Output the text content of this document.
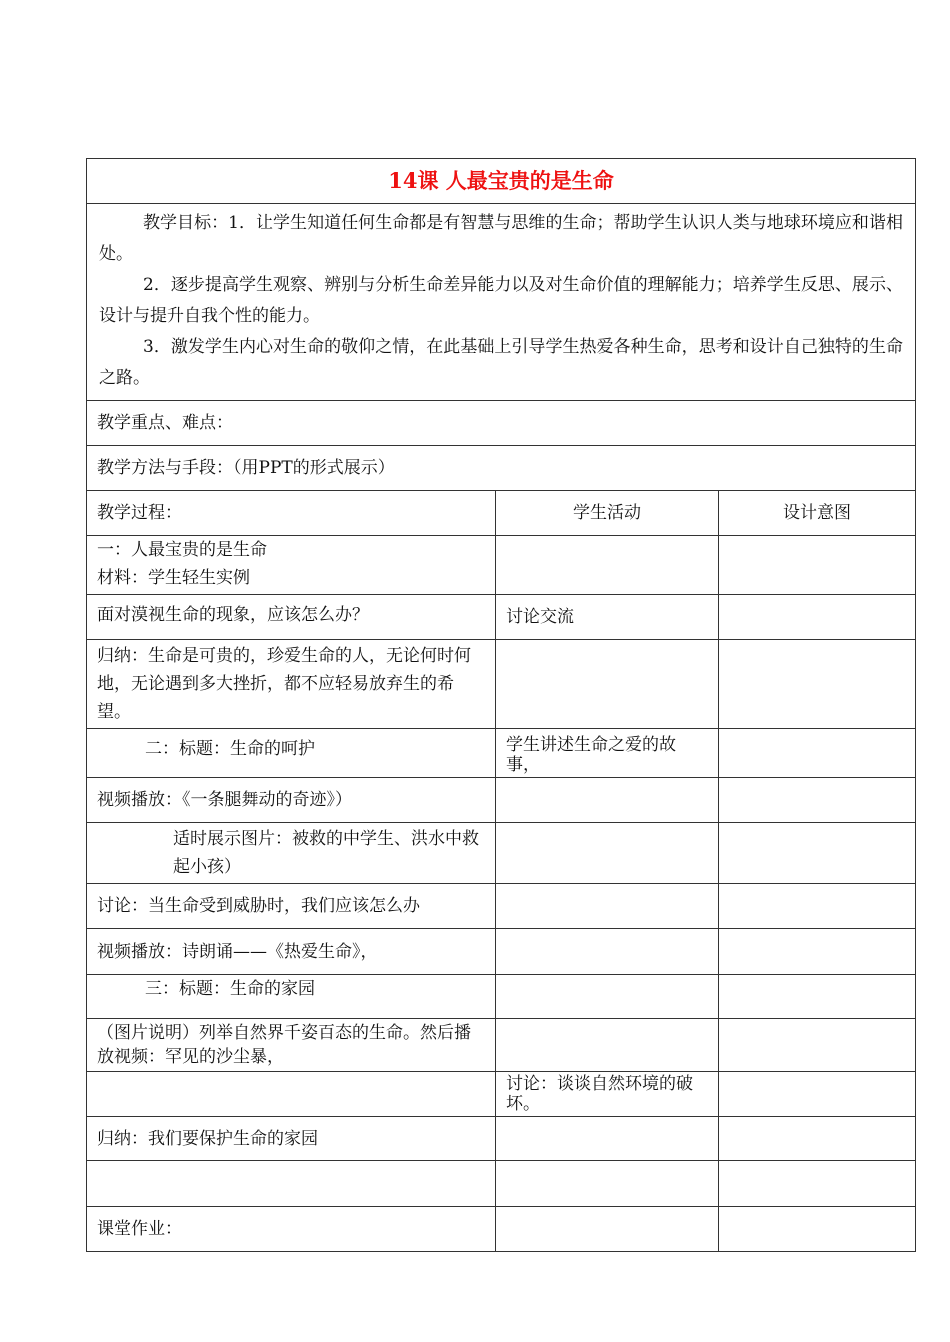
14课 人最宝贵的是生命		

教学目标：1．让学生知道任何生命都是有智慧与思维的生命；帮助学生认识人类与地球环境应和谐相处。

2．逐步提高学生观察、辨别与分析生命差异能力以及对生命价值的理解能力；培养学生反思、展示、设计与提升自我个性的能力。

3．激发学生内心对生命的敬仰之情，在此基础上引导学生热爱各种生命，思考和设计自己独特的生命之路。		

教学重点、难点：		
教学方法与手段：（用PPT的形式展示）		
教学过程：	学生活动	设计意图

一：人最宝贵的是生命
材料：学生轻生实例		

面对漠视生命的现象，应该怎么办？	讨论交流	

归纳：生命是可贵的，珍爱生命的人，无论何时何地，无论遇到多大挫折，都不应轻易放弃生的希望。		

二：标题：生命的呵护	学生讲述生命之爱的故事，	

视频播放：《一条腿舞动的奇迹》）		

适时展示图片：被救的中学生、洪水中救起小孩）		

讨论：当生命受到威胁时，我们应该怎么办		
视频播放：诗朗诵——《热爱生命》，		
三：标题：生命的家园		

（图片说明）列举自然界千姿百态的生命。然后播放视频：罕见的沙尘暴，		

	讨论：谈谈自然环境的破坏。	

归纳：我们要保护生命的家园		

课堂作业：		
